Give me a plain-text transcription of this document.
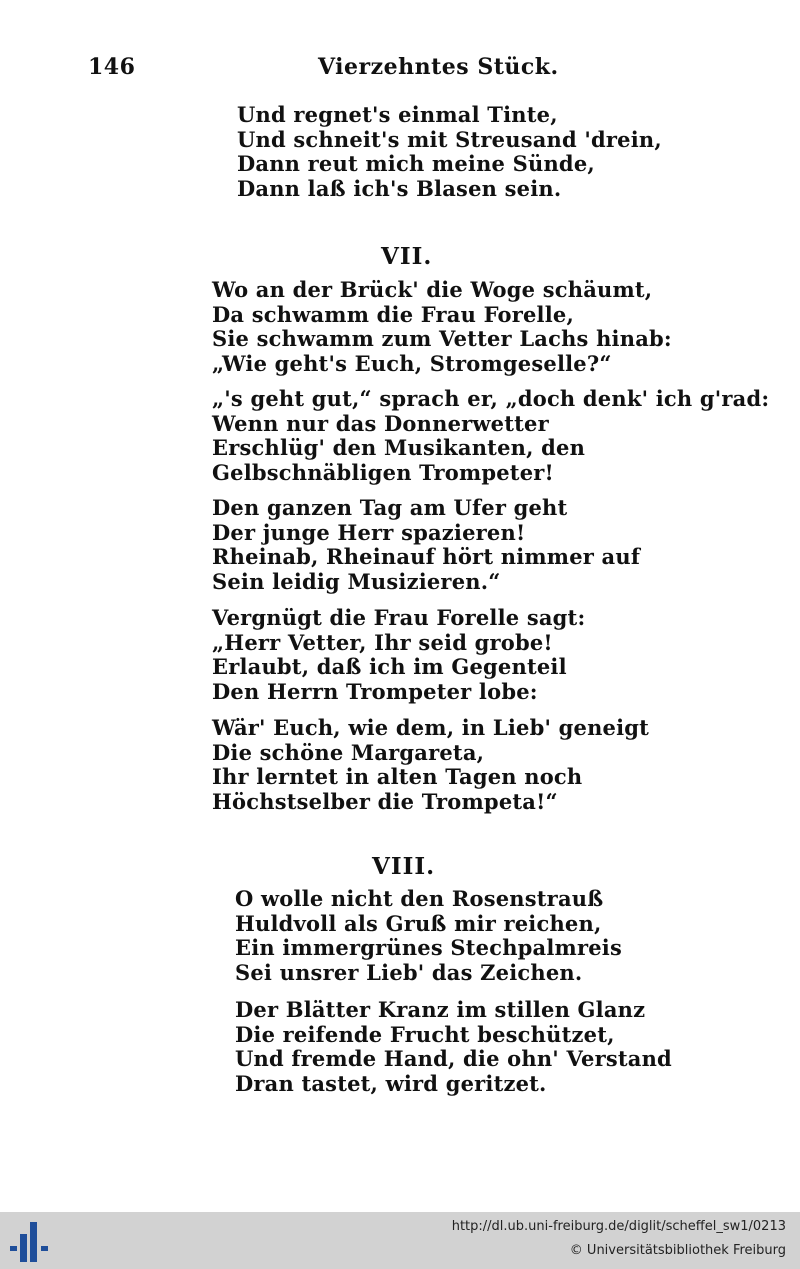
146	Vierzehntes Stück.
Und regnet's einmal Tinte,
Und schneit's mit Streusand 'drein,
Dann reut mich meine Sünde,
Dann laß ich's Blasen sein.
VII.
Wo an der Brück' die Woge schäumt,
Da schwamm die Frau Forelle,
Sie schwamm zum Vetter Lachs hinab:
„Wie geht's Euch, Stromgeselle?“
„'s geht gut,“ sprach er, „doch denk' ich g'rad:
Wenn nur das Donnerwetter
Erschlüg' den Musikanten, den
Gelbschnäbligen Trompeter!
Den ganzen Tag am Ufer geht
Der junge Herr spazieren!
Rheinab, Rheinauf hört nimmer auf
Sein leidig Musizieren.“
Vergnügt die Frau Forelle sagt:
„Herr Vetter, Ihr seid grobe!
Erlaubt, daß ich im Gegenteil
Den Herrn Trompeter lobe:
Wär' Euch, wie dem, in Lieb' geneigt
Die schöne Margareta,
Ihr lerntet in alten Tagen noch
Höchstselber die Trompeta!“
VIII.
O wolle nicht den Rosenstrauß
Huldvoll als Gruß mir reichen,
Ein immergrünes Stechpalmreis
Sei unsrer Lieb' das Zeichen.
Der Blätter Kranz im stillen Glanz
Die reifende Frucht beschützet,
Und fremde Hand, die ohn' Verstand
Dran tastet, wird geritzet.
http://dl.ub.uni-freiburg.de/diglit/scheffel_sw1/0213
© Universitätsbibliothek Freiburg
